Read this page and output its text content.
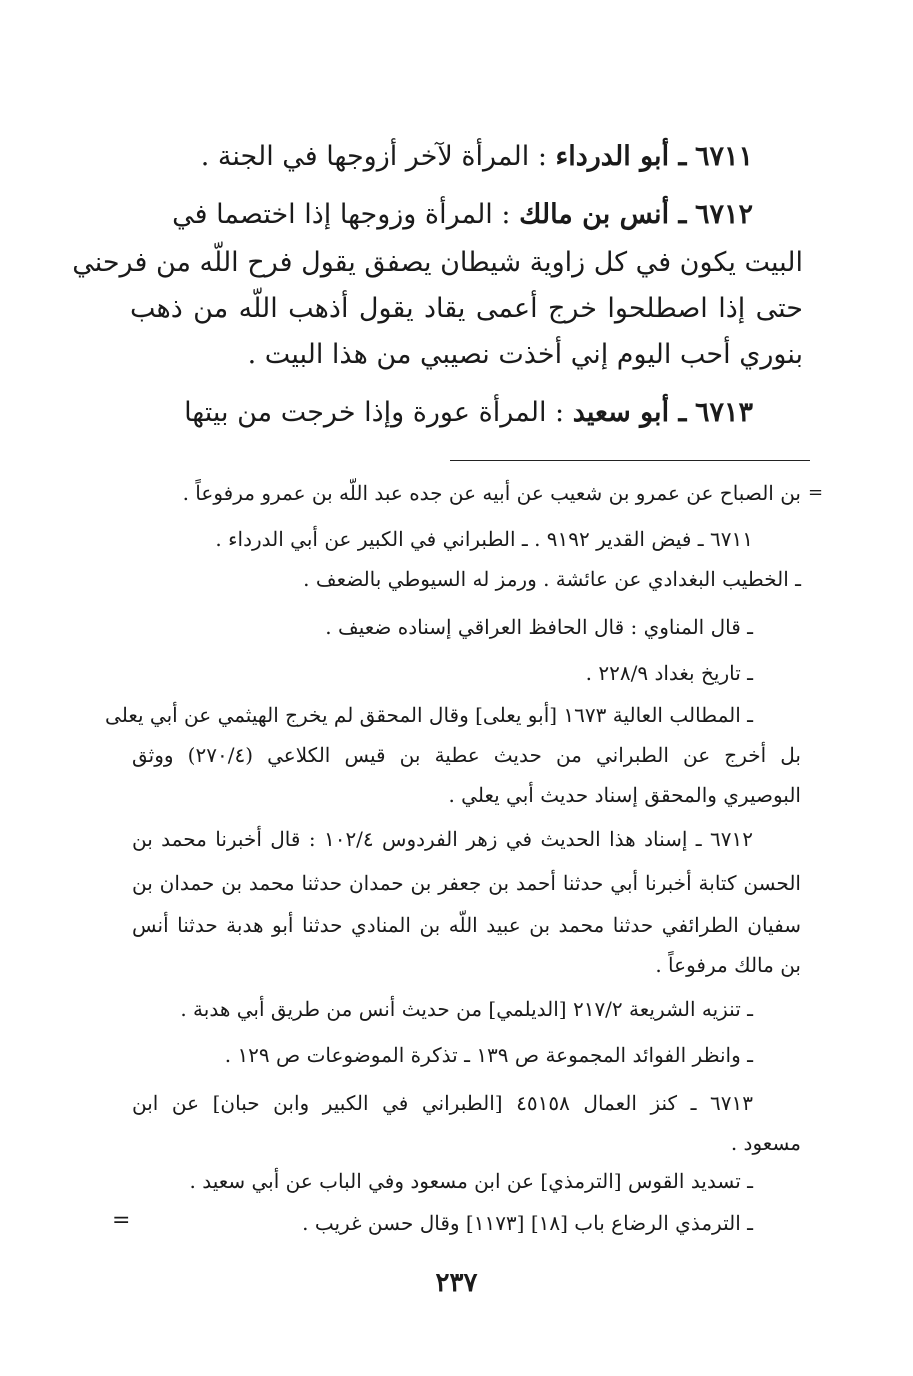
٦٧١١ ـ أبو الدرداء : المرأة لآخر أزوجها في الجنة .
٦٧١٢ ـ أنس بن مالك : المرأة وزوجها إذا اختصما في
البيت يكون في كل زاوية شيطان يصفق يقول فرح اللّه من فرحني
حتى إذا اصطلحوا خرج أعمى يقاد يقول أذهب اللّه من ذهب
بنوري أحب اليوم إني أخذت نصيبي من هذا البيت .
٦٧١٣ ـ أبو سعيد : المرأة عورة وإذا خرجت من بيتها
=
بن الصباح عن عمرو بن شعيب عن أبيه عن جده عبد اللّه بن عمرو مرفوعاً .
٦٧١١ ـ فيض القدير ٩١٩٢ . ـ الطبراني في الكبير عن أبي الدرداء .
ـ الخطيب البغدادي عن عائشة . ورمز له السيوطي بالضعف .
ـ قال المناوي : قال الحافظ العراقي إسناده ضعيف .
ـ تاريخ بغداد ٢٢٨/٩ .
ـ المطالب العالية ١٦٧٣ [أبو يعلى] وقال المحقق لم يخرج الهيثمي عن أبي يعلى
بل أخرج عن الطبراني من حديث عطية بن قيس الكلاعي (٢٧٠/٤) ووثق
البوصيري والمحقق إسناد حديث أبي يعلي .
٦٧١٢ ـ إسناد هذا الحديث في زهر الفردوس ١٠٢/٤ : قال أخبرنا محمد بن
الحسن كتابة أخبرنا أبي حدثنا أحمد بن جعفر بن حمدان حدثنا محمد بن حمدان بن
سفيان الطرائفي حدثنا محمد بن عبيد اللّه بن المنادي حدثنا أبو هدبة حدثنا أنس
بن مالك مرفوعاً .
ـ تنزيه الشريعة ٢١٧/٢ [الديلمي] من حديث أنس من طريق أبي هدبة .
ـ وانظر الفوائد المجموعة ص ١٣٩ ـ تذكرة الموضوعات ص ١٢٩ .
٦٧١٣ ـ كنز العمال ٤٥١٥٨ [الطبراني في الكبير وابن حبان] عن ابن
مسعود .
ـ تسديد القوس [الترمذي] عن ابن مسعود وفي الباب عن أبي سعيد .
ـ الترمذي الرضاع باب [١٨] [١١٧٣] وقال حسن غريب .
=
٢٣٧
